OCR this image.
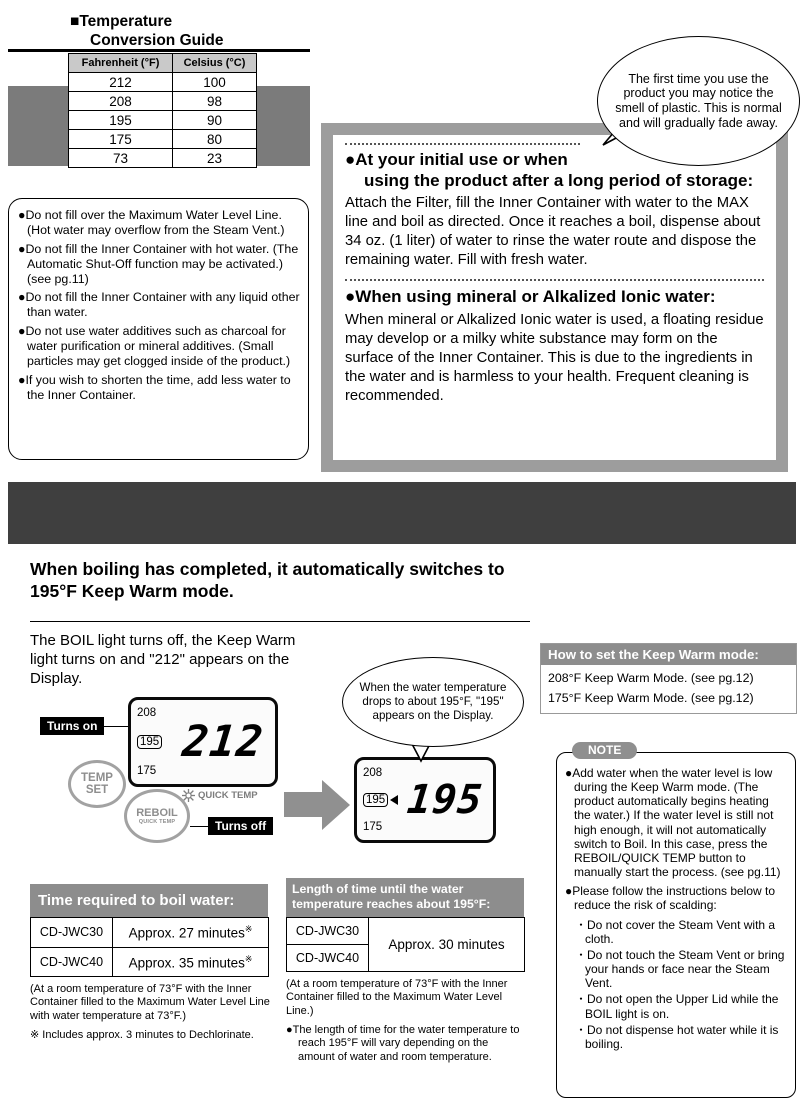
■Temperature
Conversion Guide
Fahrenheit (°F)	Celsius (°C)
212	100
208	98
195	90
175	80
73	23
The first time you use the product you may notice the smell of plastic. This is normal and will gradually fade away.
●At your initial use or when
using the product after a long period of storage:
Attach the Filter, fill the Inner Container with water to the MAX line and boil as directed. Once it reaches a boil, dispense about 34 oz. (1 liter) of water to rinse the water route and dispose the remaining water. Fill with fresh water.
●When using mineral or Alkalized Ionic water:
When mineral or Alkalized Ionic water is used, a floating residue may develop or a milky white substance may form on the surface of the Inner Container. This is due to the ingredients in the water and is harmless to your health. Frequent cleaning is recommended.
●Do not fill over the Maximum Water Level Line. (Hot water may overflow from the Steam Vent.)
●Do not fill the Inner Container with hot water. (The Automatic Shut-Off function may be activated.) (see pg.11)
●Do not fill the Inner Container with any liquid other than water.
●Do not use water additives such as charcoal for water purification or mineral additives. (Small particles may get clogged inside of the product.)
●If you wish to shorten the time, add less water to the Inner Container.
When boiling has completed, it automatically switches to 195°F Keep Warm mode.
The BOIL light turns off, the Keep Warm light turns on and "212" appears on the Display.
How to set the Keep Warm mode:
208°F Keep Warm Mode. (see pg.12)
175°F Keep Warm Mode. (see pg.12)
When the water temperature drops to about 195°F, "195" appears on the Display.
Turns on
208
195
175
212
TEMP
SET	QUICK TEMP
REBOIL
QUICK TEMP	Turns off
208
195
175
195
●Add water when the water level is low during the Keep Warm mode. (The product automatically begins heating the water.) If the water level is still not high enough, it will not automatically switch to Boil. In this case, press the REBOIL/QUICK TEMP button to manually start the process. (see pg.11)
●Please follow the instructions below to reduce the risk of scalding:
・Do not cover the Steam Vent with a cloth.
・Do not touch the Steam Vent or bring your hands or face near the Steam Vent.
・Do not open the Upper Lid while the BOIL light is on.
・Do not dispense hot water while it is boiling.
NOTE
Time required to boil water:
CD-JWC30	Approx. 27 minutes※
CD-JWC40	Approx. 35 minutes※
(At a room temperature of 73°F with the Inner Container filled to the Maximum Water Level Line with water temperature at 73°F.)
※ Includes approx. 3 minutes to Dechlorinate.
Length of time until the water temperature reaches about 195°F:
CD-JWC30	Approx. 30 minutes
CD-JWC40
(At a room temperature of 73°F with the Inner Container filled to the Maximum Water Level Line.)
●The length of time for the water temperature to reach 195°F will vary depending on the amount of water and room temperature.
